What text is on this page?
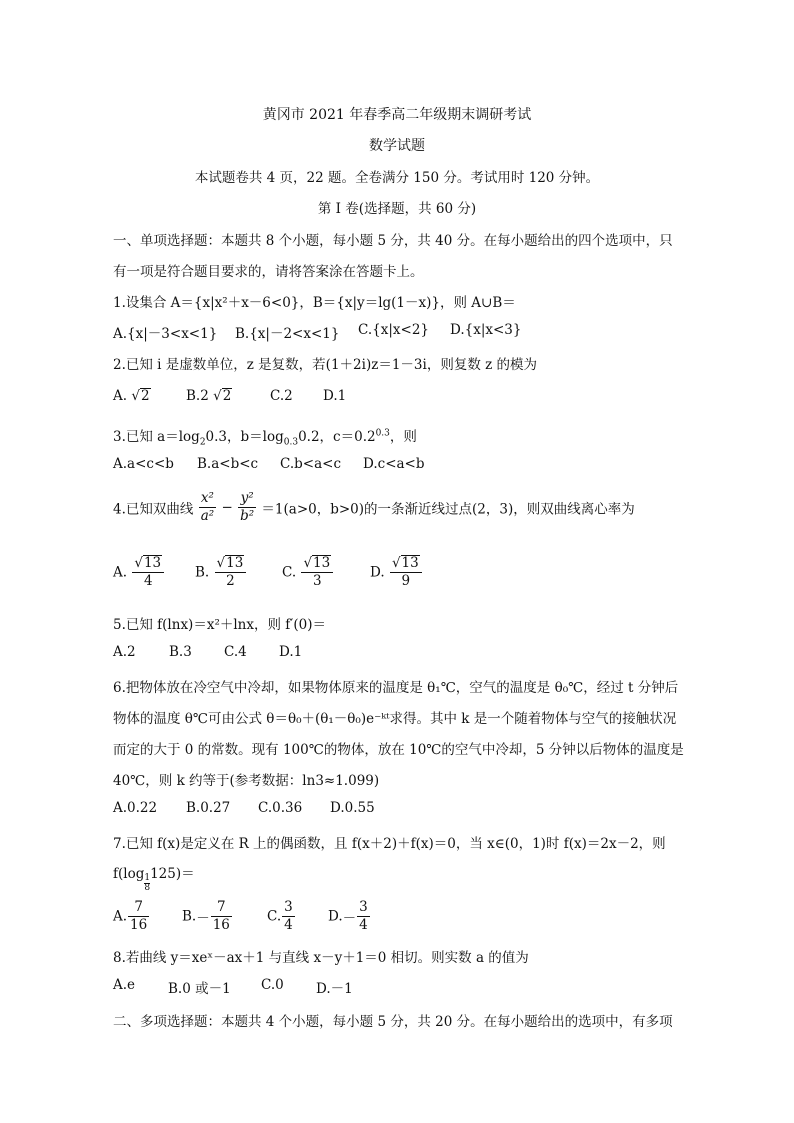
黄冈市 2021 年春季高二年级期末调研考试
数学试题
本试题卷共 4 页，22 题。全卷满分 150 分。考试用时 120 分钟。
第 I 卷(选择题，共 60 分)
一、单项选择题：本题共 8 个小题，每小题 5 分，共 40 分。在每小题给出的四个选项中，只
有一项是符合题目要求的，请将答案涂在答题卡上。
1.设集合 A＝{x|x²＋x－6<0}，B＝{x|y＝lg(1－x)}，则 A∪B＝
A.{x|－3<x<1} B.{x|－2<x<1} C.{x|x<2} D.{x|x<3}
2.已知 i 是虚数单位，z 是复数，若(1＋2i)z＝1－3i，则复数 z 的模为
A. √2	B.2 √2	C.2 D.1
3.已知 $a=\log_20.3$，$b=\log_{0.3}0.2$，$c=0.2^{0.3}$，则
A.a<c<b B.a<b<c C.b<a<c D.c<a<b
4.已知双曲线 $\frac{\text{x²}}{\text{a²}} - \frac{\text{y²}}{\text{b²}} =1(a>0$，b>0)的一条渐近线过点(2，3)，则双曲线离心率为
A. $\frac{√13}{4} B$. $\frac{√13}{2}$	C. $\frac{√13}{3}$	D. $\frac{√13}{9}$
5.已知 f(lnx)＝x²＋lnx，则 f′(0)＝
A.2 B.3 C.4 D.1
6.把物体放在冷空气中冷却，如果物体原来的温度是 θ₁℃，空气的温度是 θ₀℃，经过 t 分钟后
物体的温度 θ℃可由公式 θ＝θ₀＋(θ₁－θ₀)e⁻ᵏᵗ求得。其中 k 是一个随着物体与空气的接触状况
而定的大于 0 的常数。现有 100℃的物体，放在 10℃的空气中冷却，5 分钟以后物体的温度是
40℃，则 k 约等于(参考数据：ln3≈1.099)
A.0.22 B.0.27 C.0.36 D.0.55
7.已知 f(x)是定义在 R 上的偶函数，且 f(x＋2)＋f(x)＝0，当 x∈(0，1)时 f(x)＝2x－2，则
$f(\log \frac{1}{8} 125)=$
A. $\frac{7}{16} B.- \frac{7}{16}$	C. $\frac{3}{4} D.- \frac{3}{4}$
8.若曲线 y＝xeˣ－ax＋1 与直线 x－y＋1＝0 相切。则实数 a 的值为
A.e B.0 或－1 C.0 D.－1
二、多项选择题：本题共 4 个小题，每小题 5 分，共 20 分。在每小题给出的选项中，有多项
